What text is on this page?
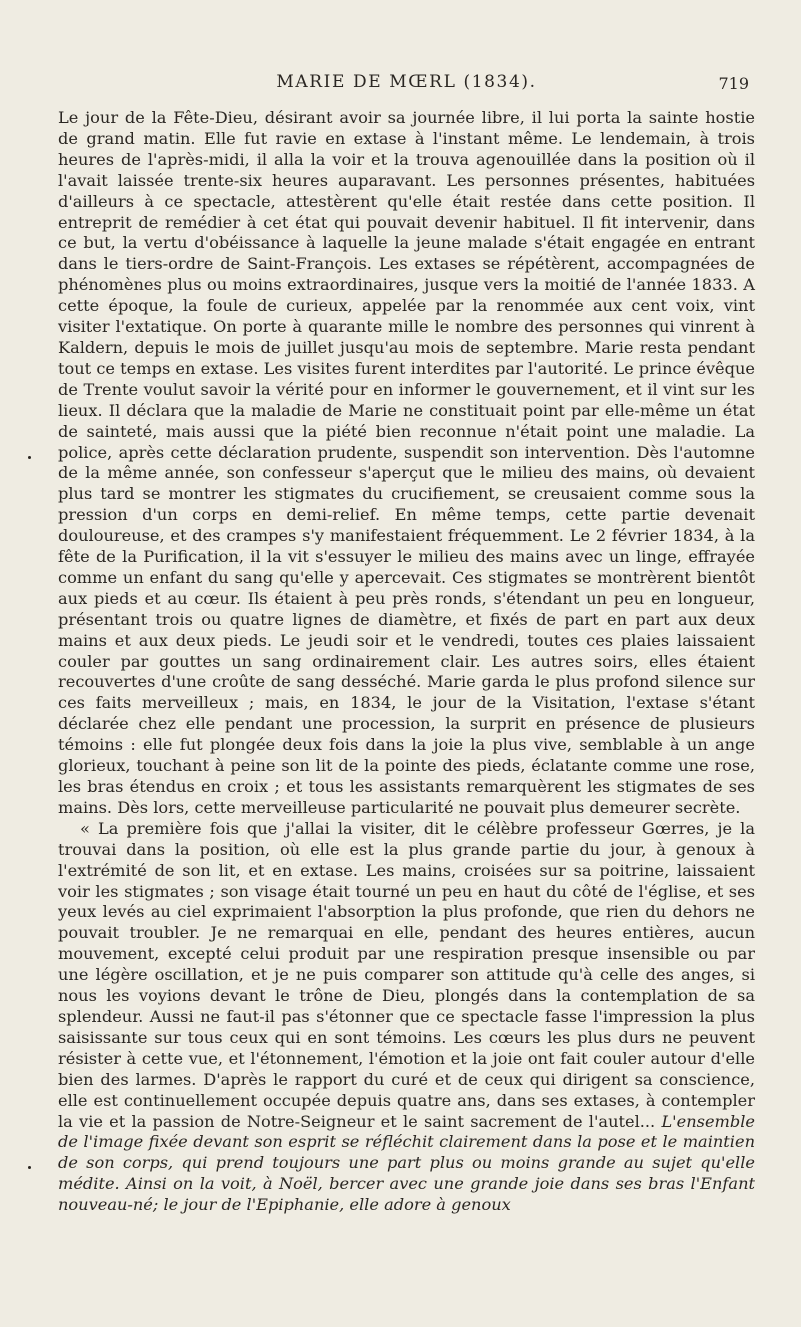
MARIE DE MŒRL (1834).	719

Le jour de la Fête-Dieu, désirant avoir sa journée libre, il lui porta la sainte hostie de grand matin. Elle fut ravie en extase à l'instant même. Le lendemain, à trois heures de l'après-midi, il alla la voir et la trouva agenouillée dans la position où il l'avait laissée trente-six heures auparavant. Les personnes présentes, habituées d'ailleurs à ce spectacle, attestèrent qu'elle était restée dans cette position. Il entreprit de remédier à cet état qui pouvait devenir habituel. Il fit intervenir, dans ce but, la vertu d'obéissance à laquelle la jeune malade s'était engagée en entrant dans le tiers-ordre de Saint-François. Les extases se répétèrent, accompagnées de phénomènes plus ou moins extraordinaires, jusque vers la moitié de l'année 1833. A cette époque, la foule de curieux, appelée par la renommée aux cent voix, vint visiter l'extatique. On porte à quarante mille le nombre des personnes qui vinrent à Kaldern, depuis le mois de juillet jusqu'au mois de septembre. Marie resta pendant tout ce temps en extase. Les visites furent interdites par l'autorité. Le prince évêque de Trente voulut savoir la vérité pour en informer le gouvernement, et il vint sur les lieux. Il déclara que la maladie de Marie ne constituait point par elle-même un état de sainteté, mais aussi que la piété bien reconnue n'était point une maladie. La police, après cette déclaration prudente, suspendit son intervention. Dès l'automne de la même année, son confesseur s'aperçut que le milieu des mains, où devaient plus tard se montrer les stigmates du crucifiement, se creusaient comme sous la pression d'un corps en demi-relief. En même temps, cette partie devenait douloureuse, et des crampes s'y manifestaient fréquemment. Le 2 février 1834, à la fête de la Purification, il la vit s'essuyer le milieu des mains avec un linge, effrayée comme un enfant du sang qu'elle y apercevait. Ces stigmates se montrèrent bientôt aux pieds et au cœur. Ils étaient à peu près ronds, s'étendant un peu en longueur, présentant trois ou quatre lignes de diamètre, et fixés de part en part aux deux mains et aux deux pieds. Le jeudi soir et le vendredi, toutes ces plaies laissaient couler par gouttes un sang ordinairement clair. Les autres soirs, elles étaient recouvertes d'une croûte de sang desséché. Marie garda le plus profond silence sur ces faits merveilleux ; mais, en 1834, le jour de la Visitation, l'extase s'étant déclarée chez elle pendant une procession, la surprit en présence de plusieurs témoins : elle fut plongée deux fois dans la joie la plus vive, semblable à un ange glorieux, touchant à peine son lit de la pointe des pieds, éclatante comme une rose, les bras étendus en croix ; et tous les assistants remarquèrent les stigmates de ses mains. Dès lors, cette merveilleuse particularité ne pouvait plus demeurer secrète.

« La première fois que j'allai la visiter, dit le célèbre professeur Gœrres, je la trouvai dans la position, où elle est la plus grande partie du jour, à genoux à l'extrémité de son lit, et en extase. Les mains, croisées sur sa poitrine, laissaient voir les stigmates ; son visage était tourné un peu en haut du côté de l'église, et ses yeux levés au ciel exprimaient l'absorption la plus profonde, que rien du dehors ne pouvait troubler. Je ne remarquai en elle, pendant des heures entières, aucun mouvement, excepté celui produit par une respiration presque insensible ou par une légère oscillation, et je ne puis comparer son attitude qu'à celle des anges, si nous les voyions devant le trône de Dieu, plongés dans la contemplation de sa splendeur. Aussi ne faut-il pas s'étonner que ce spectacle fasse l'impression la plus saisissante sur tous ceux qui en sont témoins. Les cœurs les plus durs ne peuvent résister à cette vue, et l'étonnement, l'émotion et la joie ont fait couler autour d'elle bien des larmes. D'après le rapport du curé et de ceux qui dirigent sa conscience, elle est continuellement occupée depuis quatre ans, dans ses extases, à contempler la vie et la passion de Notre-Seigneur et le saint sacrement de l'autel... L'ensemble de l'image fixée devant son esprit se réfléchit clairement dans la pose et le maintien de son corps, qui prend toujours une part plus ou moins grande au sujet qu'elle médite. Ainsi on la voit, à Noël, bercer avec une grande joie dans ses bras l'Enfant nouveau-né; le jour de l'Epiphanie, elle adore à genoux
